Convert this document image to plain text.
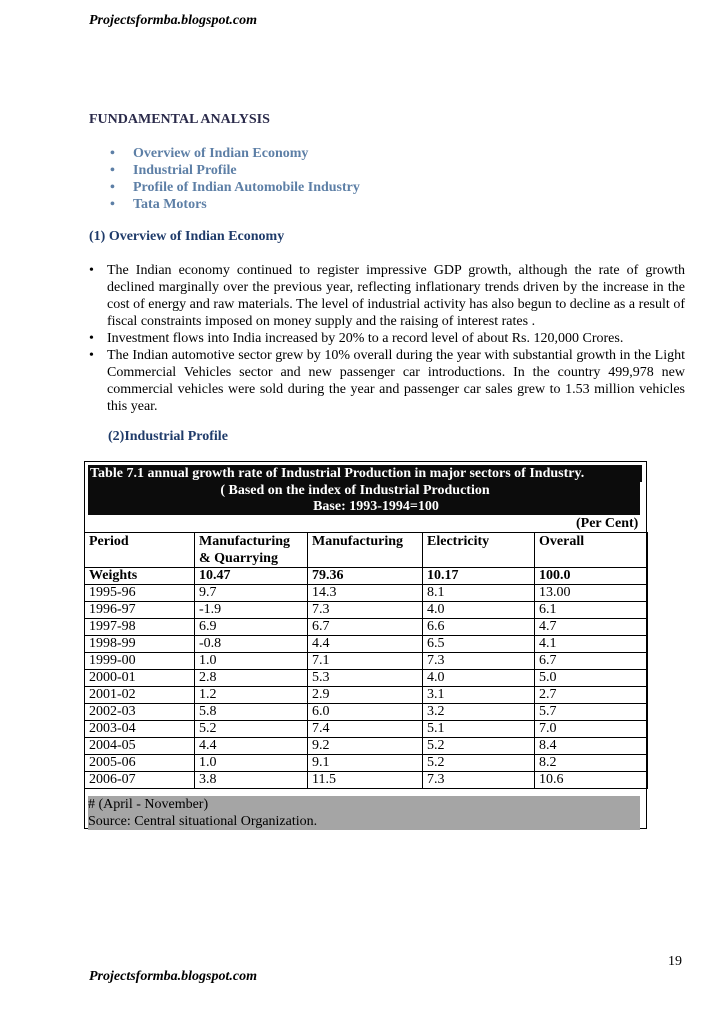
Projectsformba.blogspot.com
FUNDAMENTAL ANALYSIS
• Overview of Indian Economy
• Industrial Profile
• Profile of Indian Automobile Industry
• Tata Motors
(1) Overview of Indian Economy
• The Indian economy continued to register impressive GDP growth, although the rate of growth declined marginally over the previous year, reflecting inflationary trends driven by the increase in the cost of energy and raw materials. The level of industrial activity has also begun to decline as a result of fiscal constraints imposed on money supply and the raising of interest rates .
• Investment flows into India increased by 20% to a record level of about Rs. 120,000 Crores.
• The Indian automotive sector grew by 10% overall during the year with substantial growth in the Light Commercial Vehicles sector and new passenger car introductions. In the country 499,978 new commercial vehicles were sold during the year and passenger car sales grew to 1.53 million vehicles this year.
(2)Industrial Profile
Table 7.1 annual growth rate of Industrial Production in major sectors of Industry.
( Based on the index of Industrial Production
Base: 1993-1994=100
(Per Cent)
Period	Manufacturing & Quarrying	Manufacturing	Electricity	Overall
Weights	10.47	79.36	10.17	100.0
1995-96	9.7	14.3	8.1	13.00
1996-97	-1.9	7.3	4.0	6.1
1997-98	6.9	6.7	6.6	4.7
1998-99	-0.8	4.4	6.5	4.1
1999-00	1.0	7.1	7.3	6.7
2000-01	2.8	5.3	4.0	5.0
2001-02	1.2	2.9	3.1	2.7
2002-03	5.8	6.0	3.2	5.7
2003-04	5.2	7.4	5.1	7.0
2004-05	4.4	9.2	5.2	8.4
2005-06	1.0	9.1	5.2	8.2
2006-07	3.8	11.5	7.3	10.6
# (April - November)
Source: Central situational Organization.
19
Projectsformba.blogspot.com
